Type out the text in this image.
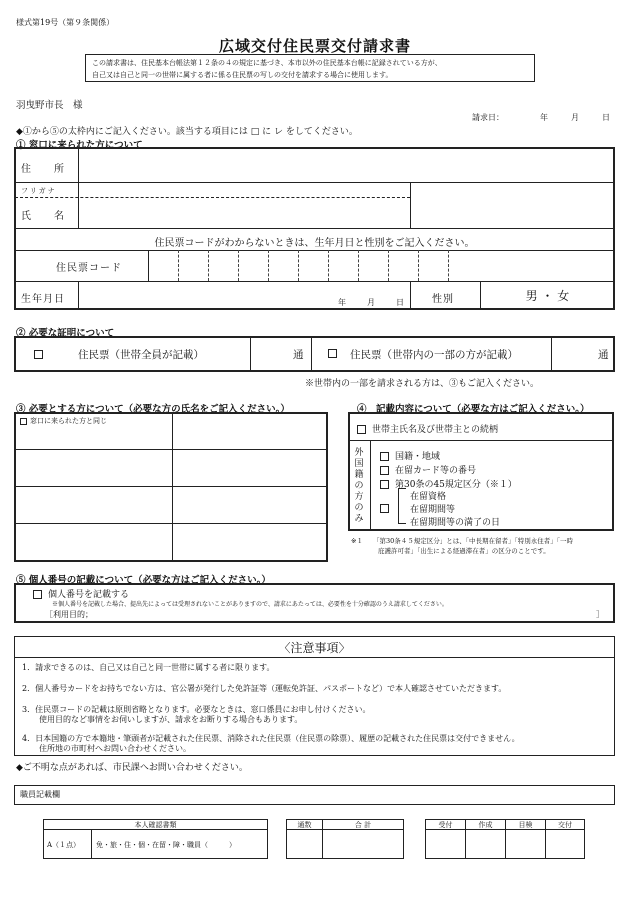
様式第19号（第９条関係）
広域交付住民票交付請求書
この請求書は、住民基本台帳法第１２条の４の規定に基づき、本市以外の住民基本台帳に記録されている方が、
自己又は自己と同一の世帯に属する者に係る住民票の写しの交付を請求する場合に使用します。
羽曳野市長　様
請求日：	年	月	日
◆①から⑤の太枠内にご記入ください。該当する項目には □ に レ をしてください。
① 窓口に来られた方について
住　　所
フリガナ
氏　　名
住民票コードがわからないときは、生年月日と性別をご記入ください。
住民票コード
生年月日	年	月	日	性別	男 ・ 女
② 必要な証明について
住民票（世帯全員が記載）	通	住民票（世帯内の一部の方が記載）	通
※世帯内の一部を請求される方は、③もご記入ください。
③ 必要とする方について（必要な方の氏名をご記入ください。）
窓口に来られた方と同じ
④　記載内容について（必要な方はご記入ください。）
世帯主氏名及び世帯主との続柄
外国籍の方のみ
国籍・地域
在留カード等の番号
第30条の45規定区分（※１）
在留資格
在留期間等
在留期間等の満了の日
※１ 「第30条４５規定区分」とは、「中長期在留者」「特別永住者」「一時
庇護許可者」「出生による経過滞在者」の区分のことです。
⑤ 個人番号の記載について（必要な方はご記入ください。）
個人番号を記載する
※個人番号を記載した場合、提出先によっては受理されないことがありますので、請求にあたっては、必要性を十分確認のうえ請求してください。
［利用目的；	］
〈注意事項〉
1．請求できるのは、自己又は自己と同一世帯に属する者に限ります。
2．個人番号カードをお持ちでない方は、官公署が発行した免許証等（運転免許証、パスポートなど）で本人確認させていただきます。
3．住民票コードの記載は原則省略となります。必要なときは、窓口係員にお申し付けください。
使用目的など事情をお伺いしますが、請求をお断りする場合もあります。
4．日本国籍の方で本籍地・筆頭者が記載された住民票、消除された住民票（住民票の除票）、履歴の記載された住民票は交付できません。
住所地の市町村へお問い合わせください。
◆ご不明な点があれば、市民課へお問い合わせください。
職員記載欄
本人確認書類
A（１点） 免・旅・住・個・在留・障・職員（　　　）
通数	合 計	受付	作成	目検	交付
